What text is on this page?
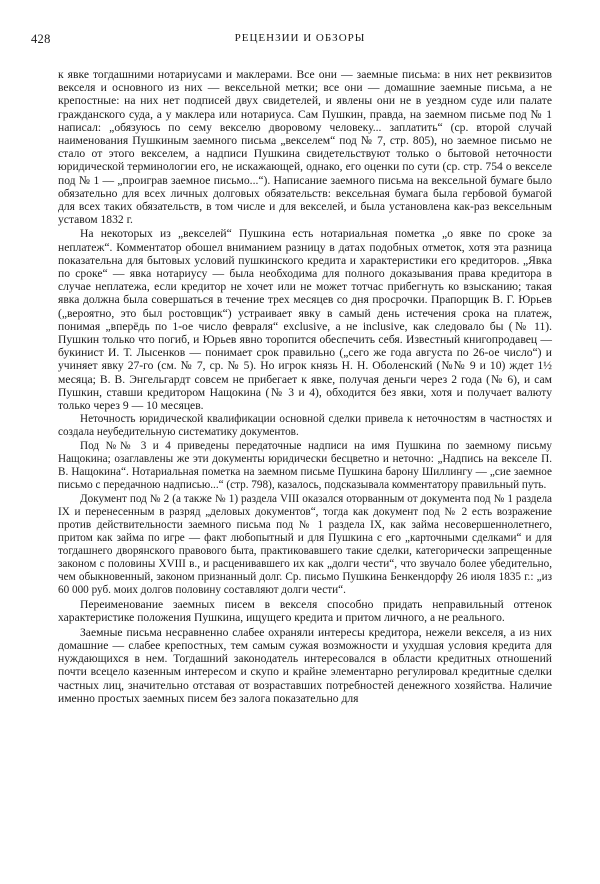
428	РЕЦЕНЗИИ И ОБЗОРЫ

к явке тогдашними нотариусами и маклерами. Все они — заемные письма: в них нет реквизитов векселя и основного из них — вексельной метки; все они — домашние заемные письма, а не крепостные: на них нет подписей двух свидетелей, и явлены они не в уездном суде или палате гражданского суда, а у маклера или нотариуса. Сам Пушкин, правда, на заемном письме под № 1 написал: „обязуюсь по сему векселю дворовому человеку... заплатить“ (ср. второй случай наименования Пушкиным заемного письма „векселем“ под № 7, стр. 805), но заемное письмо не стало от этого векселем, а надписи Пушкина свидетельствуют только о бытовой неточности юридической терминологии его, не искажающей, однако, его оценки по сути (ср. стр. 754 о векселе под № 1 — „проиграв заемное письмо...“). Написание заемного письма на вексельной бумаге было обязательно для всех личных долговых обязательств: вексельная бумага была гербовой бумагой для всех таких обязательств, в том числе и для векселей, и была установлена как-раз вексельным уставом 1832 г.

На некоторых из „векселей“ Пушкина есть нотариальная пометка „о явке по сроке за неплатеж“. Комментатор обошел вниманием разницу в датах подобных отметок, хотя эта разница показательна для бытовых условий пушкинского кредита и характеристики его кредиторов. „Явка по сроке“ — явка нотариусу — была необходима для полного доказывания права кредитора в случае неплатежа, если кредитор не хочет или не может тотчас прибегнуть ко взысканию; такая явка должна была совершаться в течение трех месяцев со дня просрочки. Прапорщик В. Г. Юрьев („вероятно, это был ростовщик“) устраивает явку в самый день истечения срока на платеж, понимая „вперёдь по 1-ое число февраля“ exclusive, а не inclusive, как следовало бы (№ 11). Пушкин только что погиб, и Юрьев явно торопится обеспечить себя. Известный книгопродавец — букинист И. Т. Лысенков — понимает срок правильно („сего же года августа по 26-ое число“) и учиняет явку 27-го (см. № 7, ср. № 5). Но игрок князь Н. Н. Оболенский (№№ 9 и 10) ждет 1½ месяца; В. В. Энгельгардт совсем не прибегает к явке, получая деньги через 2 года (№ 6), и сам Пушкин, ставши кредитором Нащокина (№ 3 и 4), обходится без явки, хотя и получает валюту только через 9 — 10 месяцев.

Неточность юридической квалификации основной сделки привела к неточностям в частностях и создала неубедительную систематику документов.

Под №№ 3 и 4 приведены передаточные надписи на имя Пушкина по заемному письму Нащокина; озаглавлены же эти документы юридически бесцветно и неточно: „Надпись на векселе П. В. Нащокина“. Нотариальная пометка на заемном письме Пушкина барону Шиллингу — „сие заемное письмо с передачною надписью...“ (стр. 798), казалось, подсказывала комментатору правильный путь.

Документ под № 2 (а также № 1) раздела VIII оказался оторванным от документа под № 1 раздела IX и перенесенным в разряд „деловых документов“, тогда как документ под № 2 есть возражение против действительности заемного письма под № 1 раздела IX, как займа несовершеннолетнего, притом как займа по игре — факт любопытный и для Пушкина с его „карточными сделками“ и для тогдашнего дворянского правового быта, практиковавшего такие сделки, категорически запрещенные законом с половины XVIII в., и расценивавшего их как „долги чести“, что звучало более убедительно, чем обыкновенный, законом признанный долг. Ср. письмо Пушкина Бенкендорфу 26 июля 1835 г.: „из 60 000 руб. моих долгов половину составляют долги чести“.

Переименование заемных писем в векселя способно придать неправильный оттенок характеристике положения Пушкина, ищущего кредита и притом личного, а не реального.

Заемные письма несравненно слабее охраняли интересы кредитора, нежели векселя, а из них домашние — слабее крепостных, тем самым сужая возможности и ухудшая условия кредита для нуждающихся в нем. Тогдашний законодатель интересовался в области кредитных отношений почти всецело казенным интересом и скупо и крайне элементарно регулировал кредитные сделки частных лиц, значительно отставая от возраставших потребностей денежного хозяйства. Наличие именно простых заемных писем без залога показательно для
